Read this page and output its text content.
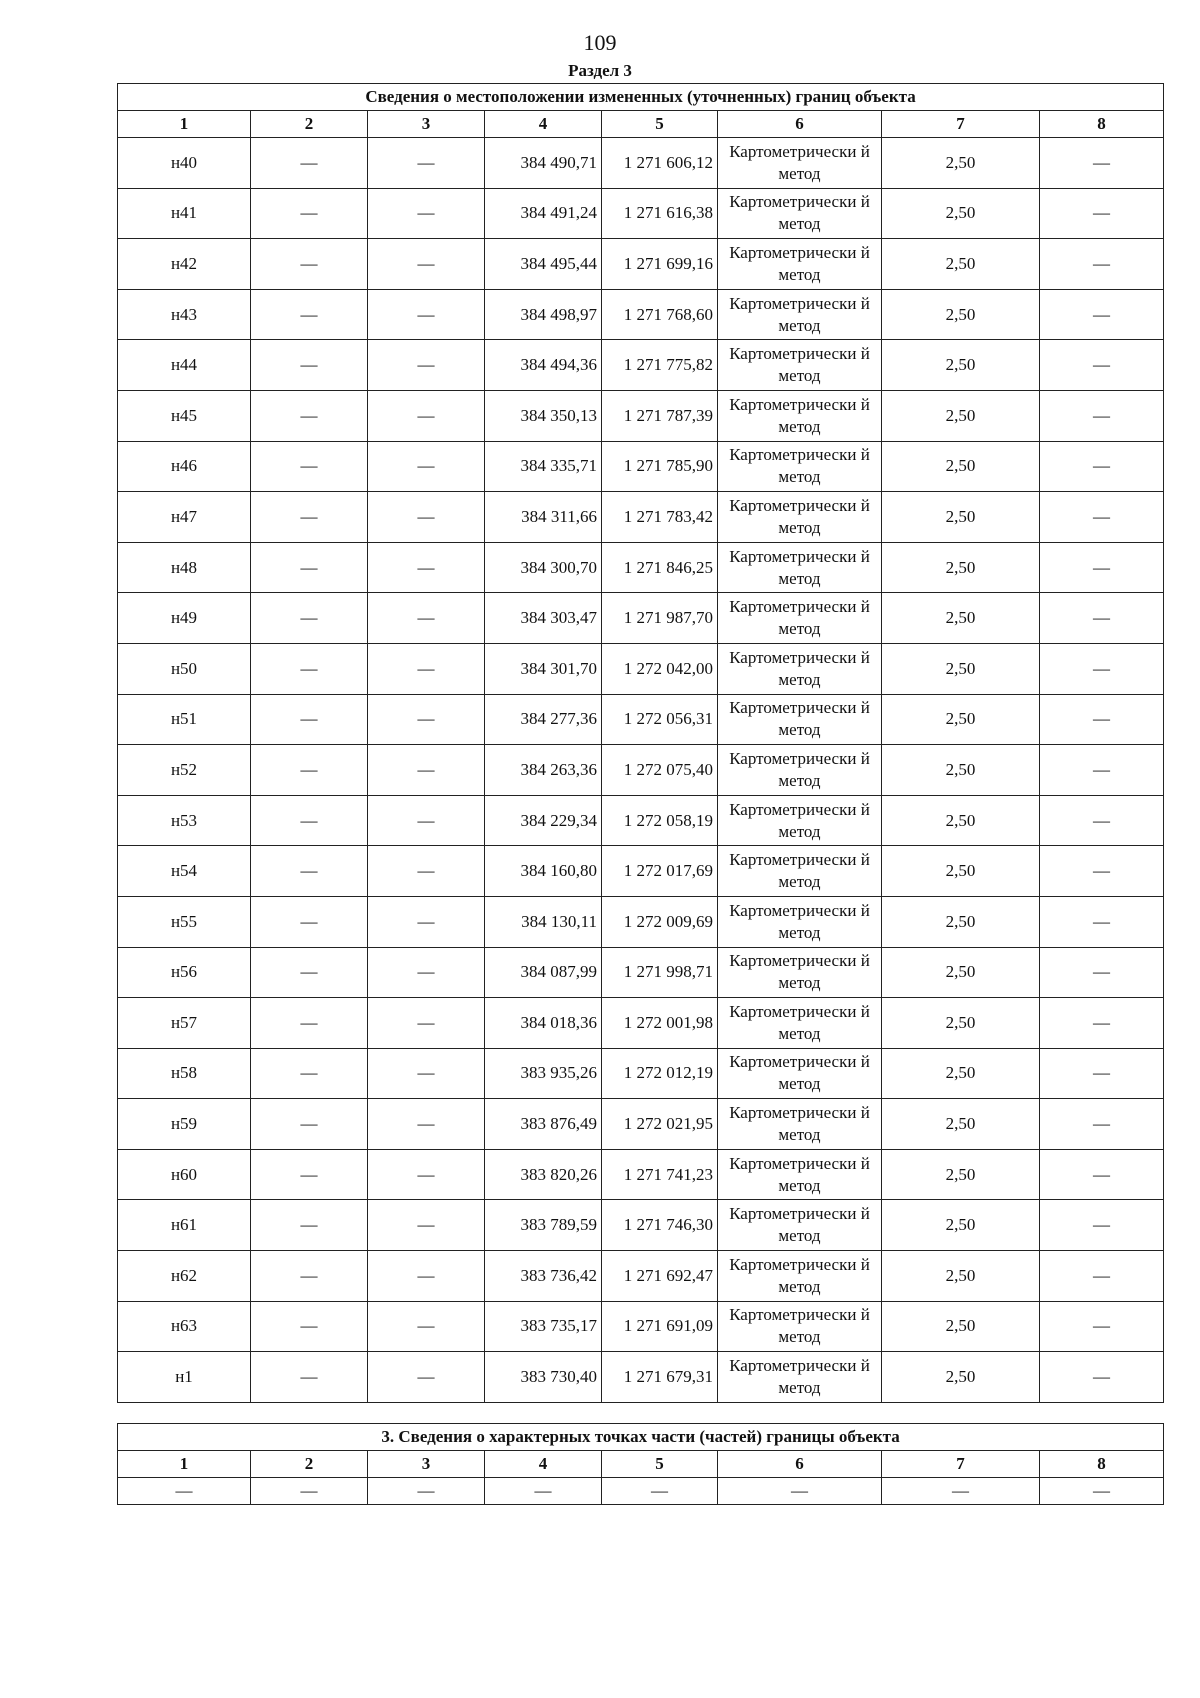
109
Раздел 3
Сведения о местоположении измененных (уточненных) границ объекта							
1	2	3	4	5	6	7	8
н40	—	—	384 490,71	1 271 606,12	Картометрически й метод	2,50	—
н41	—	—	384 491,24	1 271 616,38	Картометрически й метод	2,50	—
н42	—	—	384 495,44	1 271 699,16	Картометрически й метод	2,50	—
н43	—	—	384 498,97	1 271 768,60	Картометрически й метод	2,50	—
н44	—	—	384 494,36	1 271 775,82	Картометрически й метод	2,50	—
н45	—	—	384 350,13	1 271 787,39	Картометрически й метод	2,50	—
н46	—	—	384 335,71	1 271 785,90	Картометрически й метод	2,50	—
н47	—	—	384 311,66	1 271 783,42	Картометрически й метод	2,50	—
н48	—	—	384 300,70	1 271 846,25	Картометрически й метод	2,50	—
н49	—	—	384 303,47	1 271 987,70	Картометрически й метод	2,50	—
н50	—	—	384 301,70	1 272 042,00	Картометрически й метод	2,50	—
н51	—	—	384 277,36	1 272 056,31	Картометрически й метод	2,50	—
н52	—	—	384 263,36	1 272 075,40	Картометрически й метод	2,50	—
н53	—	—	384 229,34	1 272 058,19	Картометрически й метод	2,50	—
н54	—	—	384 160,80	1 272 017,69	Картометрически й метод	2,50	—
н55	—	—	384 130,11	1 272 009,69	Картометрически й метод	2,50	—
н56	—	—	384 087,99	1 271 998,71	Картометрически й метод	2,50	—
н57	—	—	384 018,36	1 272 001,98	Картометрически й метод	2,50	—
н58	—	—	383 935,26	1 272 012,19	Картометрически й метод	2,50	—
н59	—	—	383 876,49	1 272 021,95	Картометрически й метод	2,50	—
н60	—	—	383 820,26	1 271 741,23	Картометрически й метод	2,50	—
н61	—	—	383 789,59	1 271 746,30	Картометрически й метод	2,50	—
н62	—	—	383 736,42	1 271 692,47	Картометрически й метод	2,50	—
н63	—	—	383 735,17	1 271 691,09	Картометрически й метод	2,50	—
н1	—	—	383 730,40	1 271 679,31	Картометрически й метод	2,50	—
3. Сведения о характерных точках части (частей) границы объекта							
1	2	3	4	5	6	7	8
—	—	—	—	—	—	—	—
